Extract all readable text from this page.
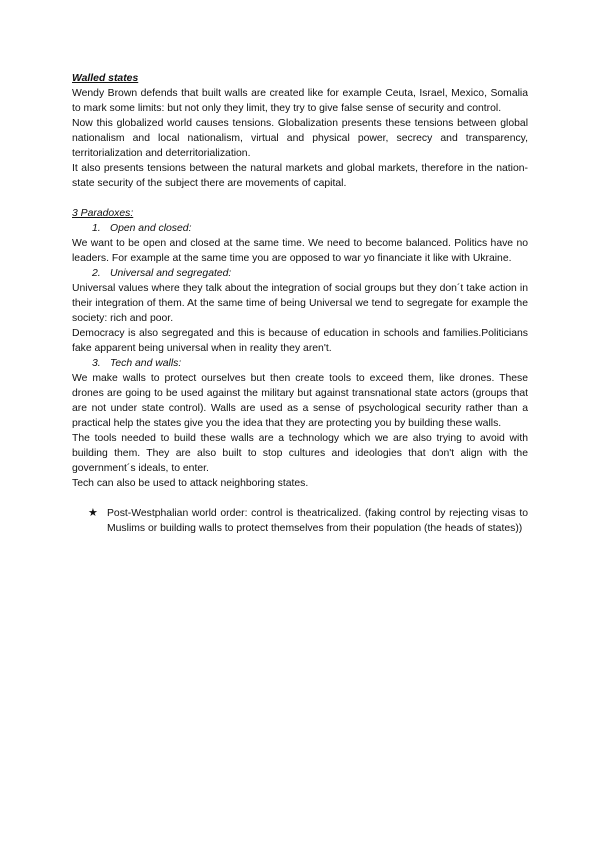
Walled states

Wendy Brown defends that built walls are created like for example Ceuta, Israel, Mexico, Somalia to mark some limits: but not only they limit, they try to give false sense of security and control.

Now this globalized world causes tensions. Globalization presents these tensions between global nationalism and local nationalism, virtual and physical power, secrecy and transparency, territorialization and deterritorialization.

It also presents tensions between the natural markets and global markets, therefore in the nation-state security of the subject there are movements of capital.

3 Paradoxes:

1. Open and closed:

We want to be open and closed at the same time. We need to become balanced. Politics have no leaders. For example at the same time you are opposed to war yo financiate it like with Ukraine.

2. Universal and segregated:

Universal values where they talk about the integration of social groups but they don´t take action in their integration of them. At the same time of being Universal we tend to segregate for example the society: rich and poor.

Democracy is also segregated and this is because of education in schools and families.Politicians fake apparent being universal when in reality they aren't.

3. Tech and walls:

We make walls to protect ourselves but then create tools to exceed them, like drones. These drones are going to be used against the military but against transnational state actors (groups that are not under state control). Walls are used as a sense of psychological security rather than a practical help the states give you the idea that they are protecting you by building these walls.

The tools needed to build these walls are a technology which we are also trying to avoid with building them. They are also built to stop cultures and ideologies that don't align with the government´s ideals, to enter.

Tech can also be used to attack neighboring states.

★ Post-Westphalian world order: control is theatricalized. (faking control by rejecting visas to Muslims or building walls to protect themselves from their population (the heads of states))
